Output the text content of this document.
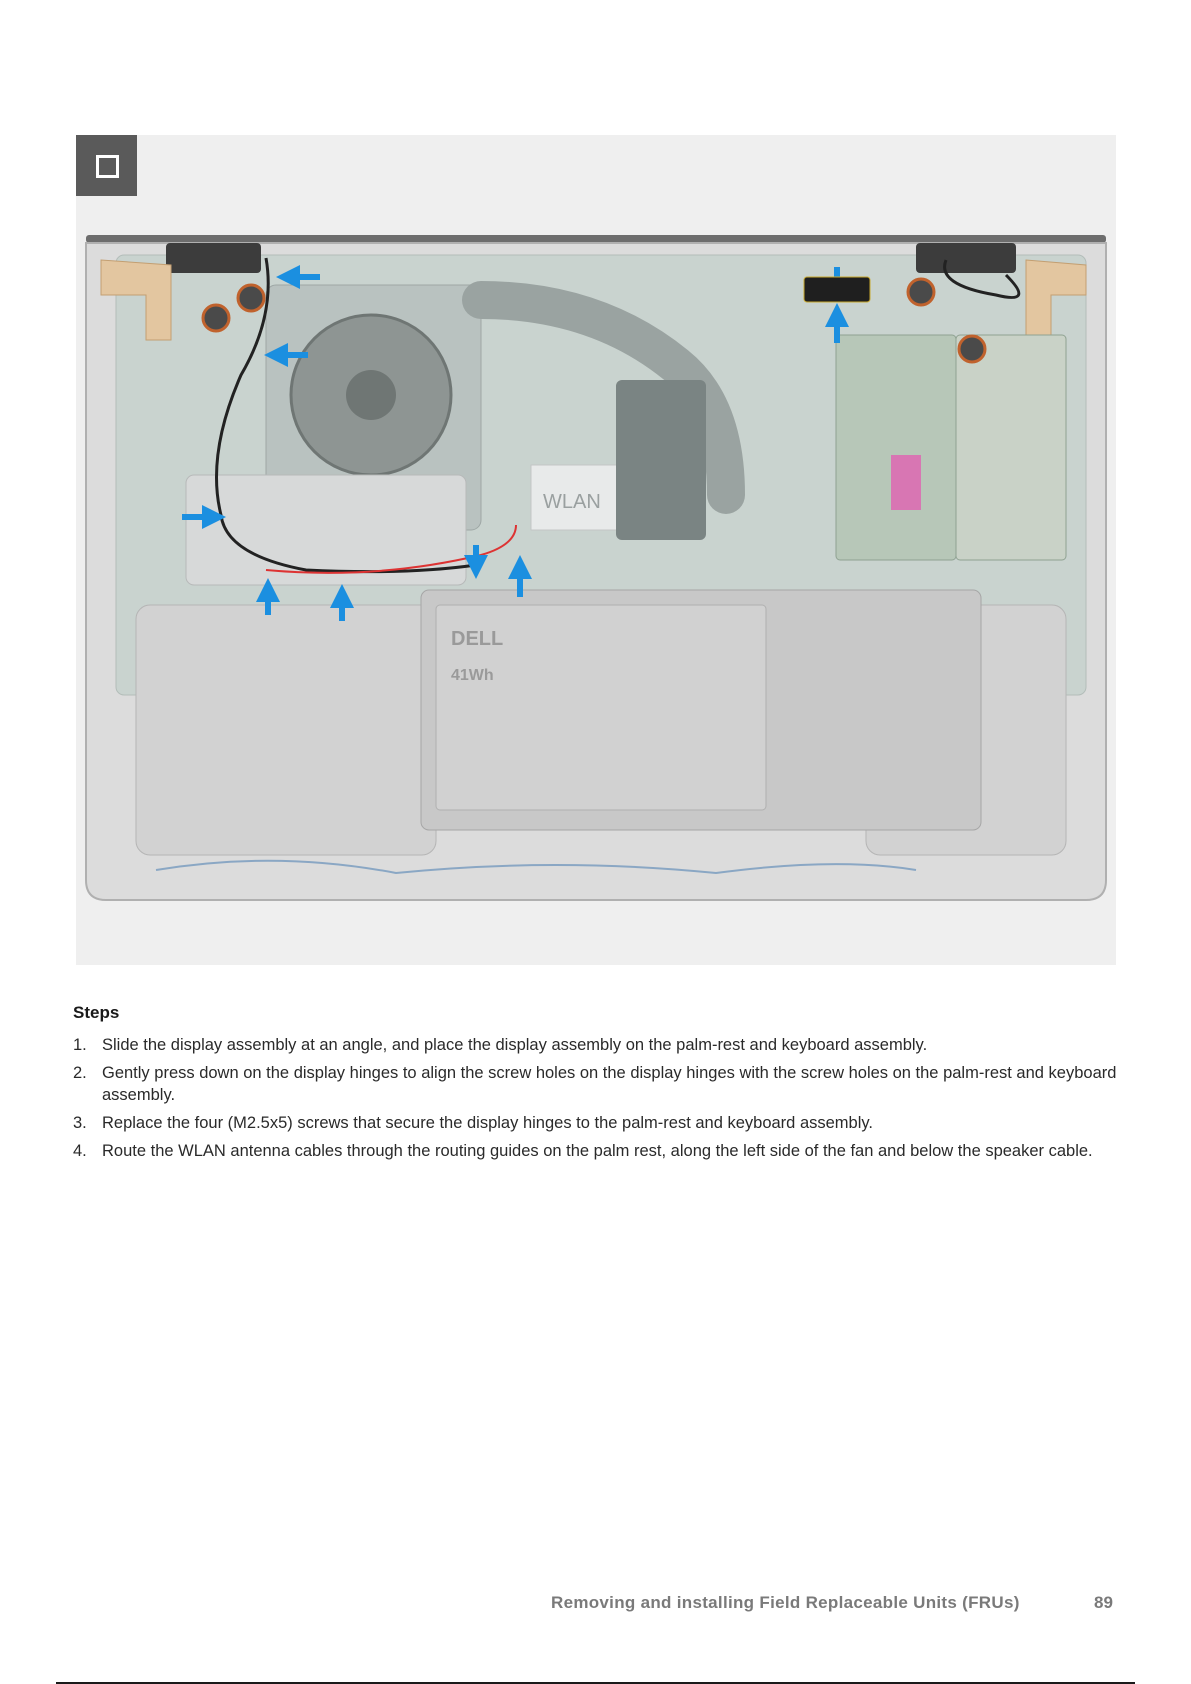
WLAN
DELL
41Wh
Steps
1. Slide the display assembly at an angle, and place the display assembly on the palm-rest and keyboard assembly.
2. Gently press down on the display hinges to align the screw holes on the display hinges with the screw holes on the palm-rest and keyboard assembly.
3. Replace the four (M2.5x5) screws that secure the display hinges to the palm-rest and keyboard assembly.
4. Route the WLAN antenna cables through the routing guides on the palm rest, along the left side of the fan and below the speaker cable.
Removing and installing Field Replaceable Units (FRUs)	89
